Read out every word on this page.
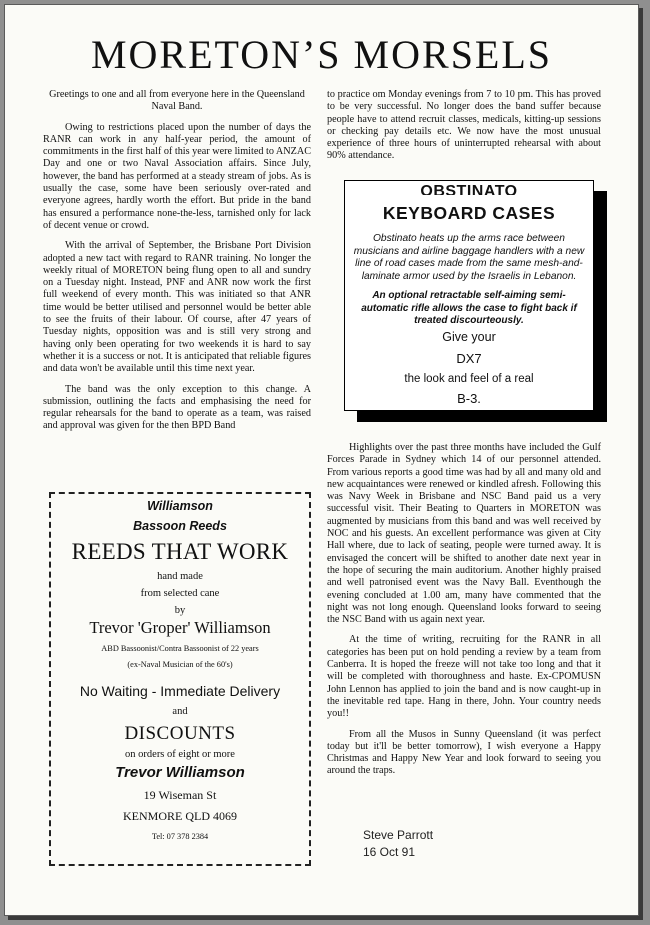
MORETON’S MORSELS

Greetings to one and all from everyone here in the Queensland Naval Band.

Owing to restrictions placed upon the number of days the RANR can work in any half-year period, the amount of commitments in the first half of this year were limited to ANZAC Day and one or two Naval Association affairs. Since July, however, the band has performed at a steady stream of jobs. As is usually the case, some have been seriously over-rated and everyone agrees, hardly worth the effort. But pride in the band has ensured a performance none-the-less, tarnished only for lack of decent venue or crowd.

With the arrival of September, the Brisbane Port Division adopted a new tact with regard to RANR training. No longer the weekly ritual of MORETON being flung open to all and sundry on a Tuesday night. Instead, PNF and ANR now work the first full weekend of every month. This was initiated so that ANR time would be better utilised and personnel would be better able to see the fruits of their labour. Of course, after 47 years of Tuesday nights, opposition was and is still very strong and having only been operating for two weekends it is hard to say whether it is a success or not. It is anticipated that reliable figures and data won't be available until this time next year.

The band was the only exception to this change. A submission, outlining the facts and emphasising the need for regular rehearsals for the band to operate as a team, was raised and approval was given for the then BPD Band

to practice om Monday evenings from 7 to 10 pm. This has proved to be very successful. No longer does the band suffer because people have to attend recruit classes, medicals, kitting-up sessions or checking pay details etc. We now have the most unusual experience of three hours of uninterrupted rehearsal with about 90% attendance.

OBSTINATO
KEYBOARD CASES
Obstinato heats up the arms race between musicians and airline baggage handlers with a new line of road cases made from the same mesh-and-laminate armor used by the Israelis in Lebanon.
An optional retractable self-aiming semi-automatic rifle allows the case to fight back if treated discourteously.
Give your
DX7
the look and feel of a real
B-3.

Highlights over the past three months have included the Gulf Forces Parade in Sydney which 14 of our personnel attended. From various reports a good time was had by all and many old and new acquaintances were renewed or kindled afresh. Following this was Navy Week in Brisbane and NSC Band paid us a very successful visit. Their Beating to Quarters in MORETON was augmented by musicians from this band and was well received by NOC and his guests. An excellent performance was given at City Hall where, due to lack of seating, people were turned away. It is envisaged the concert will be shifted to another date next year in the hope of securing the main auditorium. Another highly praised and well patronised event was the Navy Ball. Eventhough the evening concluded at 1.00 am, many have commented that the night was not long enough. Queensland looks forward to seeing the NSC Band with us again next year.

At the time of writing, recruiting for the RANR in all categories has been put on hold pending a review by a team from Canberra. It is hoped the freeze will not take too long and that it will be completed with thoroughness and haste. Ex-CPOMUSN John Lennon has applied to join the band and is now caught-up in the inevitable red tape. Hang in there, John. Your country needs you!!

From all the Musos in Sunny Queensland (it was perfect today but it'll be better tomorrow), I wish everyone a Happy Christmas and Happy New Year and look forward to seeing you around the traps.

Steve Parrott
16 Oct 91
Williamson
Bassoon Reeds
REEDS THAT WORK
hand made
from selected cane
by
Trevor 'Groper' Williamson
ABD Bassoonist/Contra Bassoonist of 22 years
(ex-Naval Musician of the 60's)
No Waiting - Immediate Delivery
and
DISCOUNTS
on orders of eight or more
Trevor Williamson
19 Wiseman St
KENMORE QLD 4069
Tel: 07 378 2384
